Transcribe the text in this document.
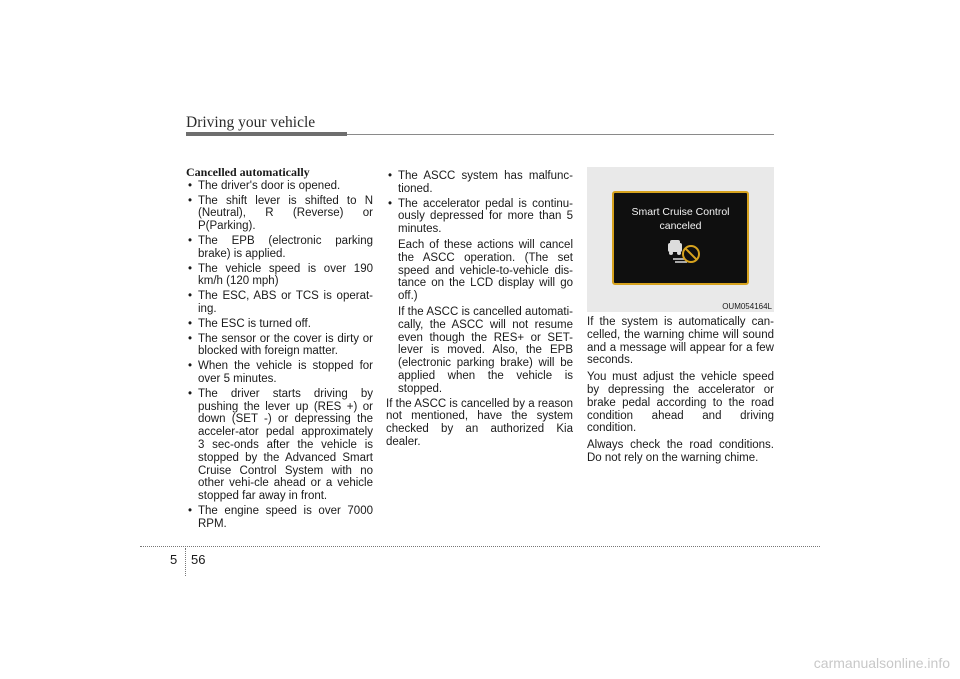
Driving your vehicle
Cancelled automatically
• The driver's door is opened.
• The shift lever is shifted to N (Neutral), R (Reverse) or P(Parking).
• The EPB (electronic parking brake) is applied.
• The vehicle speed is over 190 km/h (120 mph)
• The ESC, ABS or TCS is operat-ing.
• The ESC is turned off.
• The sensor or the cover is dirty or blocked with foreign matter.
• When the vehicle is stopped for over 5 minutes.
• The driver starts driving by pushing the lever up (RES +) or down (SET -) or depressing the acceler-ator pedal approximately 3 sec-onds after the vehicle is stopped by the Advanced Smart Cruise Control System with no other vehi-cle ahead or a vehicle stopped far away in front.
• The engine speed is over 7000 RPM.
• The ASCC system has malfunc-tioned.
• The accelerator pedal is continu-ously depressed for more than 5 minutes.

Each of these actions will cancel the ASCC operation. (The set speed and vehicle-to-vehicle dis-tance on the LCD display will go off.)

If the ASCC is cancelled automati-cally, the ASCC will not resume even though the RES+ or SET- lever is moved. Also, the EPB (electronic parking brake) will be applied when the vehicle is stopped.

If the ASCC is cancelled by a reason not mentioned, have the system checked by an authorized Kia dealer.

Smart Cruise Control
canceled
OUM054164L

If the system is automatically can-celled, the warning chime will sound and a message will appear for a few seconds.

You must adjust the vehicle speed by depressing the accelerator or brake pedal according to the road condition ahead and driving condition.

Always check the road conditions. Do not rely on the warning chime.

5 56
carmanualsonline.info
